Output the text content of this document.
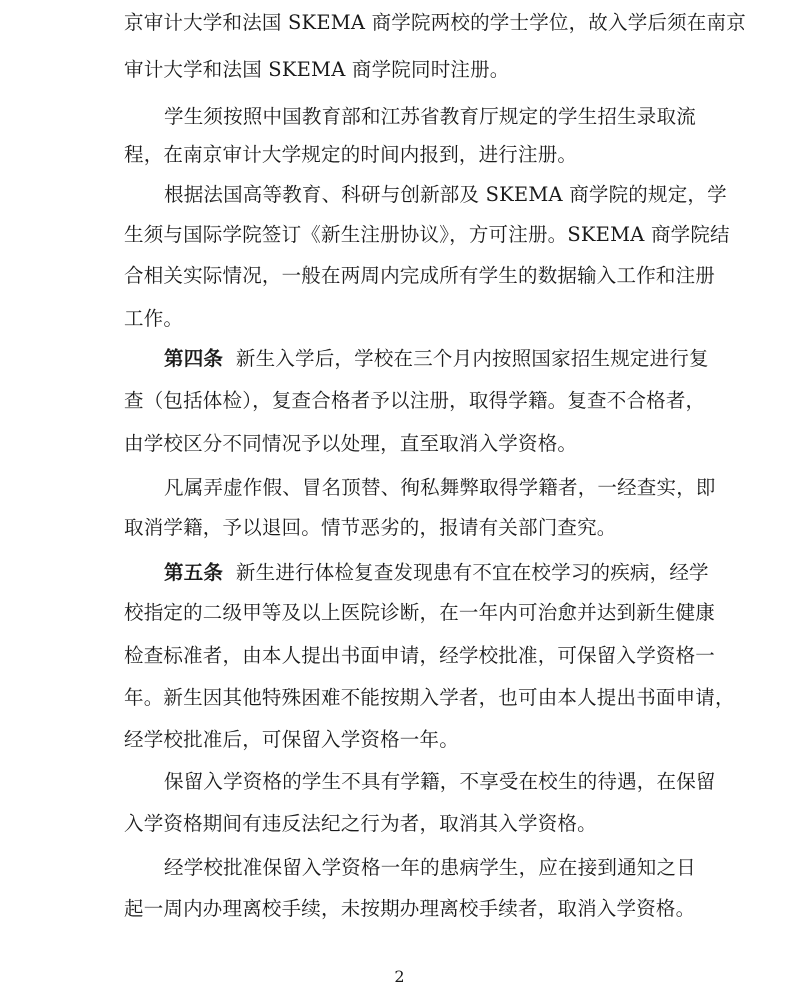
京审计大学和法国 SKEMA 商学院两校的学士学位，故入学后须在南京
审计大学和法国 SKEMA 商学院同时注册。
学生须按照中国教育部和江苏省教育厅规定的学生招生录取流
程，在南京审计大学规定的时间内报到，进行注册。
根据法国高等教育、科研与创新部及 SKEMA 商学院的规定，学
生须与国际学院签订《新生注册协议》，方可注册。SKEMA 商学院结
合相关实际情况，一般在两周内完成所有学生的数据输入工作和注册
工作。
第四条 新生入学后，学校在三个月内按照国家招生规定进行复
查（包括体检），复查合格者予以注册，取得学籍。复查不合格者，
由学校区分不同情况予以处理，直至取消入学资格。
凡属弄虚作假、冒名顶替、徇私舞弊取得学籍者，一经查实，即
取消学籍，予以退回。情节恶劣的，报请有关部门查究。
第五条 新生进行体检复查发现患有不宜在校学习的疾病，经学
校指定的二级甲等及以上医院诊断，在一年内可治愈并达到新生健康
检查标准者，由本人提出书面申请，经学校批准，可保留入学资格一
年。新生因其他特殊困难不能按期入学者，也可由本人提出书面申请，
经学校批准后，可保留入学资格一年。
保留入学资格的学生不具有学籍，不享受在校生的待遇，在保留
入学资格期间有违反法纪之行为者，取消其入学资格。
经学校批准保留入学资格一年的患病学生，应在接到通知之日
起一周内办理离校手续，未按期办理离校手续者，取消入学资格。
2
